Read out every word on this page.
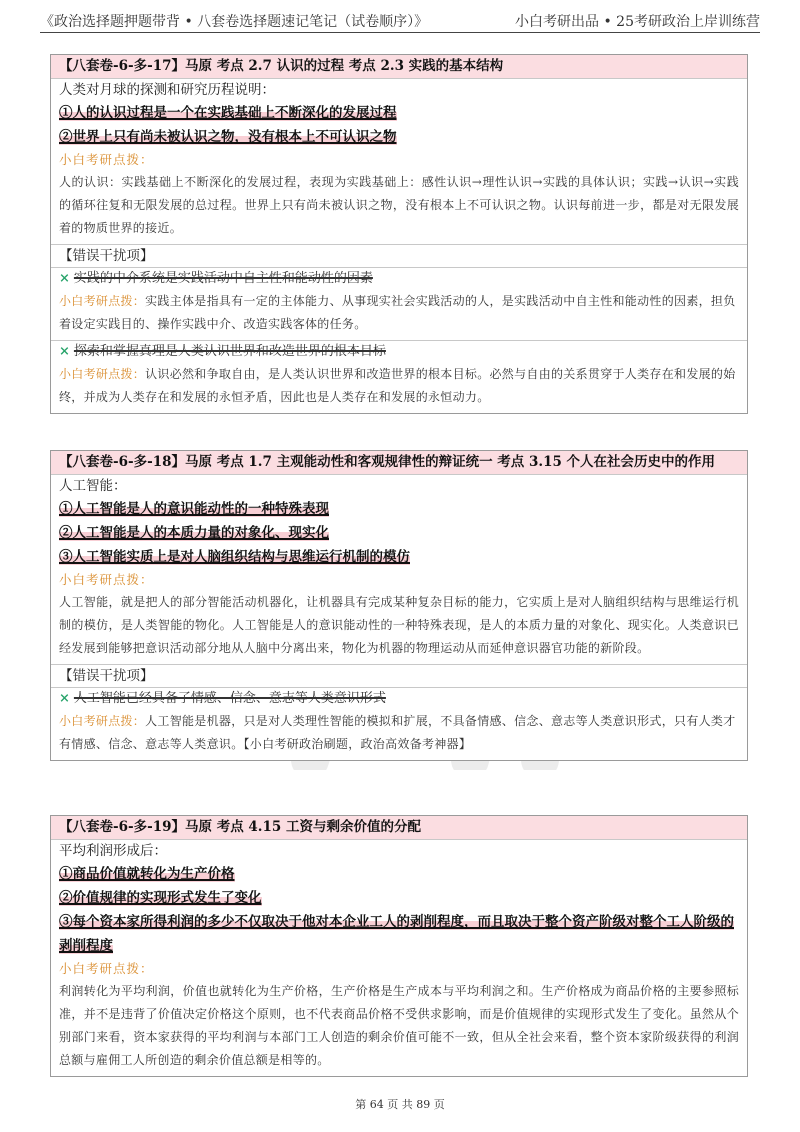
《政治选择题押题带背 • 八套卷选择题速记笔记（试卷顺序）》	小白考研出品 • 25考研政治上岸训练营
【八套卷-6-多-17】马原 考点 2.7 认识的过程 考点 2.3 实践的基本结构
人类对月球的探测和研究历程说明：
①人的认识过程是一个在实践基础上不断深化的发展过程
②世界上只有尚未被认识之物，没有根本上不可认识之物
小白考研点拨：
人的认识：实践基础上不断深化的发展过程，表现为实践基础上：感性认识→理性认识→实践的具体认识；实践→认识→实践的循环往复和无限发展的总过程。世界上只有尚未被认识之物，没有根本上不可认识之物。认识每前进一步，都是对无限发展着的物质世界的接近。
【错误干扰项】
× 实践的中介系统是实践活动中自主性和能动性的因素
小白考研点拨：实践主体是指具有一定的主体能力、从事现实社会实践活动的人，是实践活动中自主性和能动性的因素，担负着设定实践目的、操作实践中介、改造实践客体的任务。
× 探索和掌握真理是人类认识世界和改造世界的根本目标
小白考研点拨：认识必然和争取自由，是人类认识世界和改造世界的根本目标。必然与自由的关系贯穿于人类存在和发展的始终，并成为人类存在和发展的永恒矛盾，因此也是人类存在和发展的永恒动力。
【八套卷-6-多-18】马原 考点 1.7 主观能动性和客观规律性的辩证统一 考点 3.15 个人在社会历史中的作用
人工智能：
①人工智能是人的意识能动性的一种特殊表现
②人工智能是人的本质力量的对象化、现实化
③人工智能实质上是对人脑组织结构与思维运行机制的模仿
小白考研点拨：
人工智能，就是把人的部分智能活动机器化，让机器具有完成某种复杂目标的能力，它实质上是对人脑组织结构与思维运行机制的模仿，是人类智能的物化。人工智能是人的意识能动性的一种特殊表现，是人的本质力量的对象化、现实化。人类意识已经发展到能够把意识活动部分地从人脑中分离出来，物化为机器的物理运动从而延伸意识器官功能的新阶段。
【错误干扰项】
× 人工智能已经具备了情感、信念、意志等人类意识形式
小白考研点拨：人工智能是机器，只是对人类理性智能的模拟和扩展，不具备情感、信念、意志等人类意识形式，只有人类才有情感、信念、意志等人类意识。【小白考研政治刷题，政治高效备考神器】
【八套卷-6-多-19】马原 考点 4.15 工资与剩余价值的分配
平均利润形成后：
①商品价值就转化为生产价格
②价值规律的实现形式发生了变化
③每个资本家所得利润的多少不仅取决于他对本企业工人的剥削程度，而且取决于整个资产阶级对整个工人阶级的剥削程度
小白考研点拨：
利润转化为平均利润，价值也就转化为生产价格，生产价格是生产成本与平均利润之和。生产价格成为商品价格的主要参照标准，并不是违背了价值决定价格这个原则，也不代表商品价格不受供求影响，而是价值规律的实现形式发生了变化。虽然从个别部门来看，资本家获得的平均利润与本部门工人创造的剩余价值可能不一致，但从全社会来看，整个资本家阶级获得的利润总额与雇佣工人所创造的剩余价值总额是相等的。
第 64 页 共 89 页
